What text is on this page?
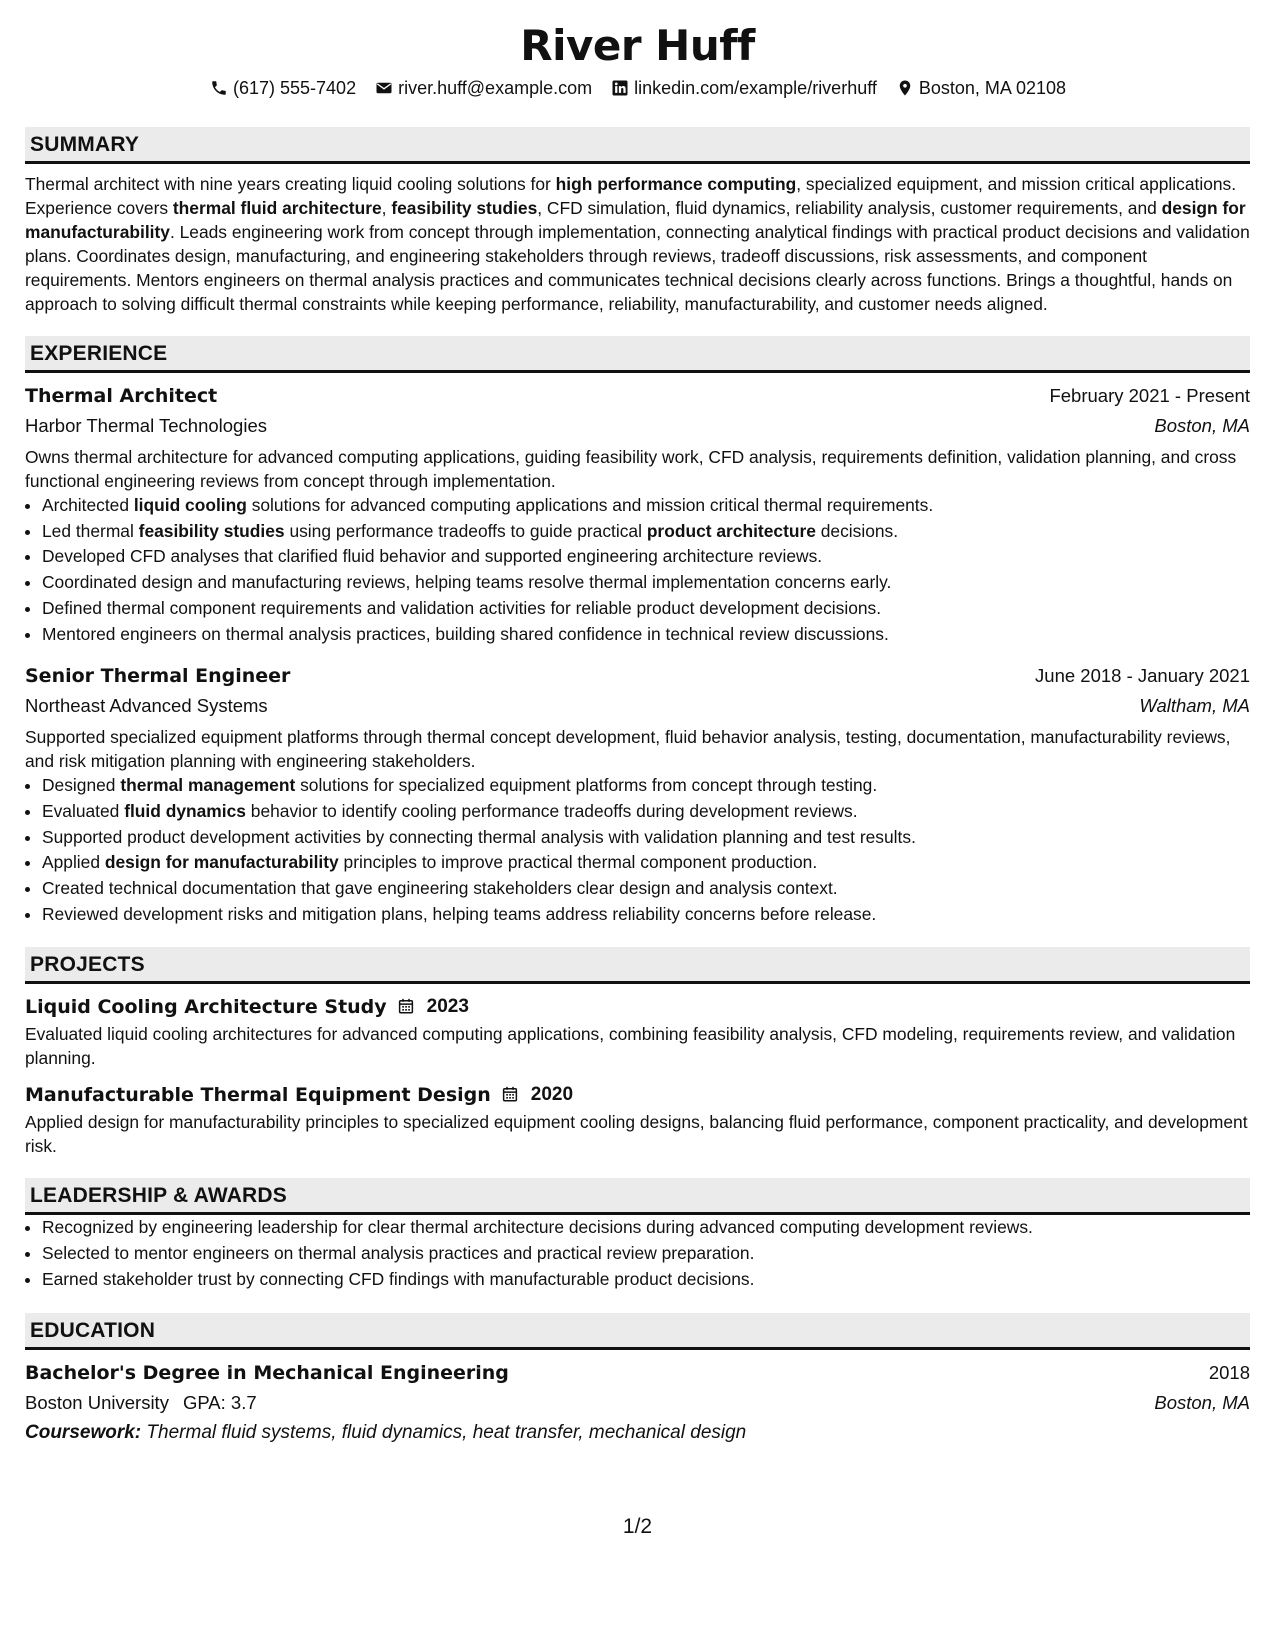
River Huff
(617) 555-7402 river.huff@example.com linkedin.com/example/riverhuff Boston, MA 02108
SUMMARY

Thermal architect with nine years creating liquid cooling solutions for high performance computing, specialized equipment, and mission critical applications. Experience covers thermal fluid architecture, feasibility studies, CFD simulation, fluid dynamics, reliability analysis, customer requirements, and design for manufacturability. Leads engineering work from concept through implementation, connecting analytical findings with practical product decisions and validation plans. Coordinates design, manufacturing, and engineering stakeholders through reviews, tradeoff discussions, risk assessments, and component requirements. Mentors engineers on thermal analysis practices and communicates technical decisions clearly across functions. Brings a thoughtful, hands on approach to solving difficult thermal constraints while keeping performance, reliability, manufacturability, and customer needs aligned.

EXPERIENCE
Thermal Architect	February 2021 - Present
Harbor Thermal Technologies	Boston, MA

Owns thermal architecture for advanced computing applications, guiding feasibility work, CFD analysis, requirements definition, validation planning, and cross functional engineering reviews from concept through implementation.

• Architected liquid cooling solutions for advanced computing applications and mission critical thermal requirements.
• Led thermal feasibility studies using performance tradeoffs to guide practical product architecture decisions.
• Developed CFD analyses that clarified fluid behavior and supported engineering architecture reviews.
• Coordinated design and manufacturing reviews, helping teams resolve thermal implementation concerns early.
• Defined thermal component requirements and validation activities for reliable product development decisions.
• Mentored engineers on thermal analysis practices, building shared confidence in technical review discussions.
Senior Thermal Engineer	June 2018 - January 2021
Northeast Advanced Systems	Waltham, MA

Supported specialized equipment platforms through thermal concept development, fluid behavior analysis, testing, documentation, manufacturability reviews, and risk mitigation planning with engineering stakeholders.

• Designed thermal management solutions for specialized equipment platforms from concept through testing.
• Evaluated fluid dynamics behavior to identify cooling performance tradeoffs during development reviews.
• Supported product development activities by connecting thermal analysis with validation planning and test results.
• Applied design for manufacturability principles to improve practical thermal component production.
• Created technical documentation that gave engineering stakeholders clear design and analysis context.
• Reviewed development risks and mitigation plans, helping teams address reliability concerns before release.
PROJECTS
Liquid Cooling Architecture Study 2023

Evaluated liquid cooling architectures for advanced computing applications, combining feasibility analysis, CFD modeling, requirements review, and validation planning.

Manufacturable Thermal Equipment Design 2020

Applied design for manufacturability principles to specialized equipment cooling designs, balancing fluid performance, component practicality, and development risk.

LEADERSHIP & AWARDS
• Recognized by engineering leadership for clear thermal architecture decisions during advanced computing development reviews.
• Selected to mentor engineers on thermal analysis practices and practical review preparation.
• Earned stakeholder trust by connecting CFD findings with manufacturable product decisions.
EDUCATION
Bachelor's Degree in Mechanical Engineering	2018
Boston University GPA: 3.7	Boston, MA
Coursework: Thermal fluid systems, fluid dynamics, heat transfer, mechanical design
1/2
